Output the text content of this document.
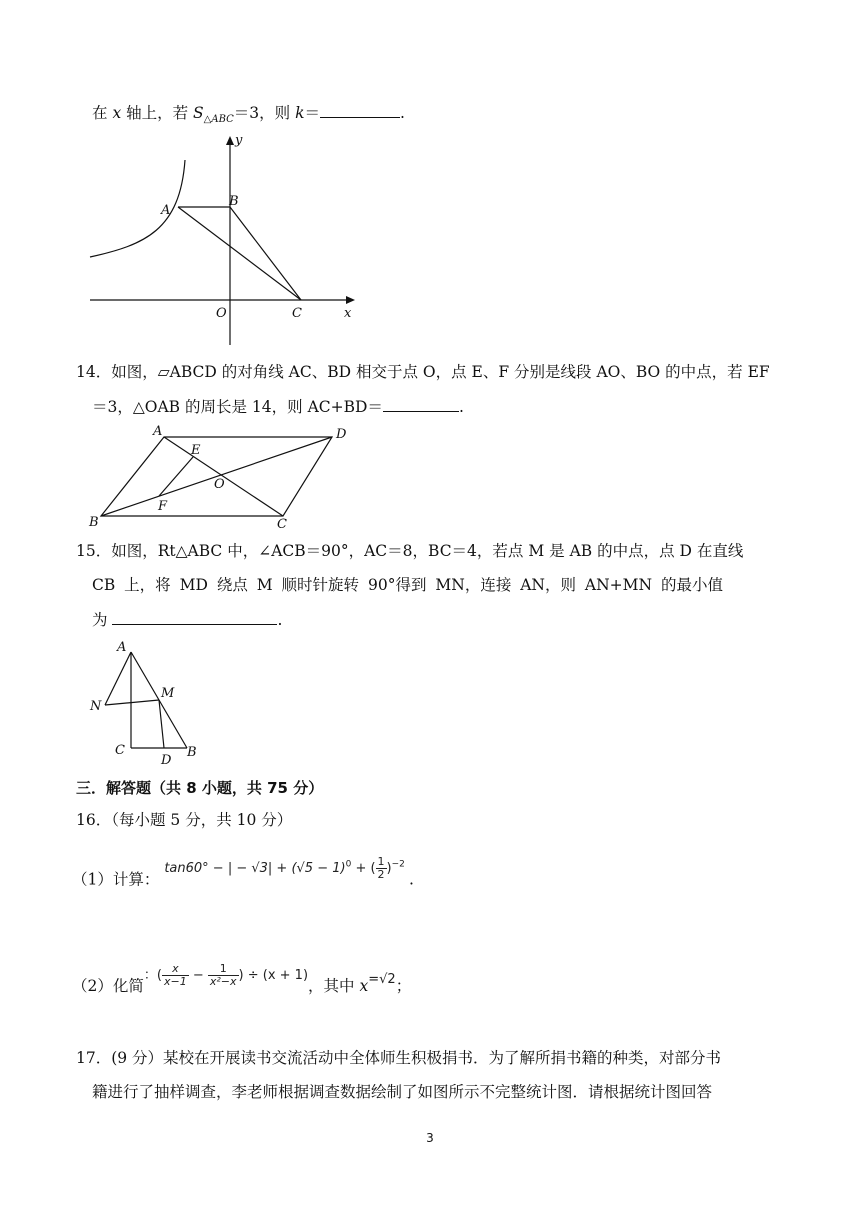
在 x 轴上，若 $S_{\triangle ABC}=3$，则 k＝	.
y
A
B
O	C	x
14．如图，▱ABCD 的对角线 AC、BD 相交于点 O，点 E、F 分别是线段 AO、BO 的中点，若 EF
＝3，△OAB 的周长是 14，则 AC+BD＝	.
A	D
E
O
F
B	C
15．如图，Rt△ABC 中，∠ACB＝90°，AC＝8，BC＝4，若点 M 是 AB 的中点，点 D 在直线
CB 上，将 MD 绕点 M 顺时针旋转 90°得到 MN，连接 AN，则 AN+MN 的最小值
为	.
A
M
N
C
D
B
三．解答题（共 8 小题，共 75 分）
16．（每小题 5 分，共 10 分）
（1）计算： $^{tan60^\circ - | - √3| + (√5 - 1)^0 + ( \frac{1}{2} )^{-2}}$ .
（2）化简$^{:( \frac{x}{x-1} - \frac{1}{\text{x²−x}} ) \div (x + 1)}$，其中 $x^{=√2}$；
17．(9 分）某校在开展读书交流活动中全体师生积极捐书．为了解所捐书籍的种类，对部分书
籍进行了抽样调查，李老师根据调查数据绘制了如图所示不完整统计图．请根据统计图回答
3
